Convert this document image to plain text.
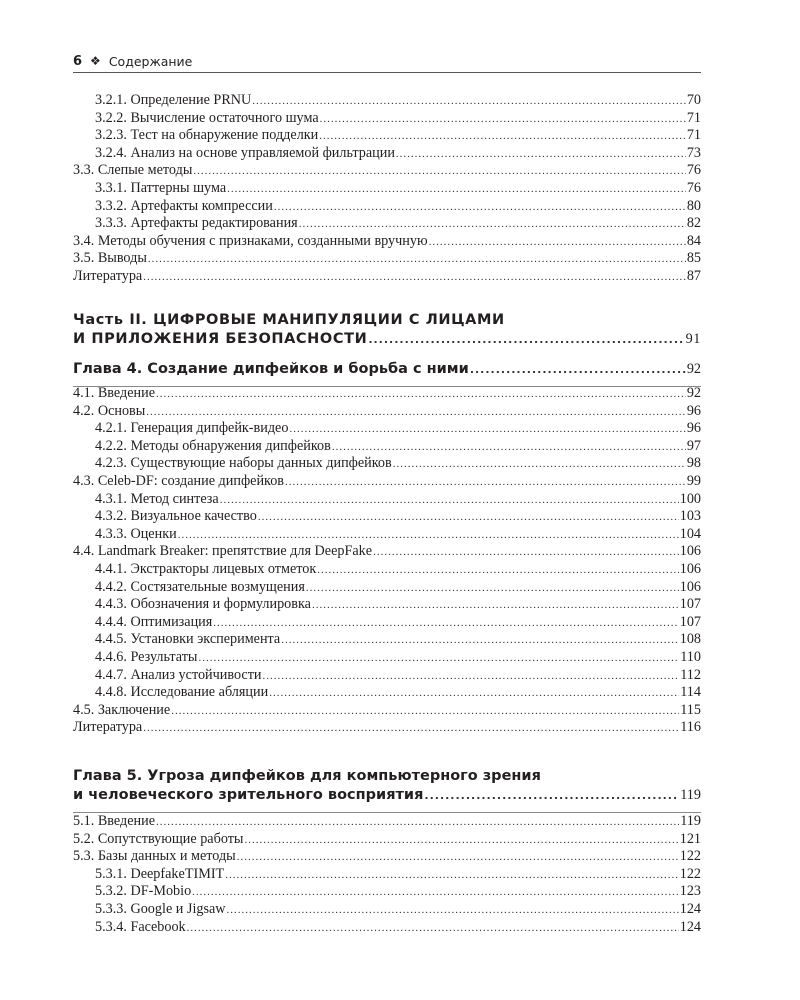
6 ❖ Содержание
3.2.1. Определение PRNU .....	70
3.2.2. Вычисление остаточного шума .....	71
3.2.3. Тест на обнаружение подделки .....	71
3.2.4. Анализ на основе управляемой фильтрации .....	73
3.3. Слепые методы .....	76
3.3.1. Паттерны шума .....	76
3.3.2. Артефакты компрессии .....	80
3.3.3. Артефакты редактирования .....	82
3.4. Методы обучения с признаками, созданными вручную .....	84
3.5. Выводы .....	85
Литература .....	87
Часть II. ЦИФРОВЫЕ МАНИПУЛЯЦИИ С ЛИЦАМИ
И ПРИЛОЖЕНИЯ БЕЗОПАСНОСТИ .....	91
Глава 4. Создание дипфейков и борьба с ними .....	92
4.1. Введение .....	92
4.2. Основы .....	96
4.2.1. Генерация дипфейк-видео .....	96
4.2.2. Методы обнаружения дипфейков .....	97
4.2.3. Существующие наборы данных дипфейков .....	98
4.3. Celeb-DF: создание дипфейков .....	99
4.3.1. Метод синтеза .....	100
4.3.2. Визуальное качество .....	103
4.3.3. Оценки .....	104
4.4. Landmark Breaker: препятствие для DeepFake .....	106
4.4.1. Экстракторы лицевых отметок .....	106
4.4.2. Состязательные возмущения .....	106
4.4.3. Обозначения и формулировка .....	107
4.4.4. Оптимизация .....	107
4.4.5. Установки эксперимента .....	108
4.4.6. Результаты .....	110
4.4.7. Анализ устойчивости .....	112
4.4.8. Исследование абляции .....	114
4.5. Заключение .....	115
Литература .....	116
Глава 5. Угроза дипфейков для компьютерного зрения
и человеческого зрительного восприятия .....	119
5.1. Введение .....	119
5.2. Сопутствующие работы .....	121
5.3. Базы данных и методы .....	122
5.3.1. DeepfakeTIMIT .....	122
5.3.2. DF-Mobio .....	123
5.3.3. Google и Jigsaw .....	124
5.3.4. Facebook .....	124
